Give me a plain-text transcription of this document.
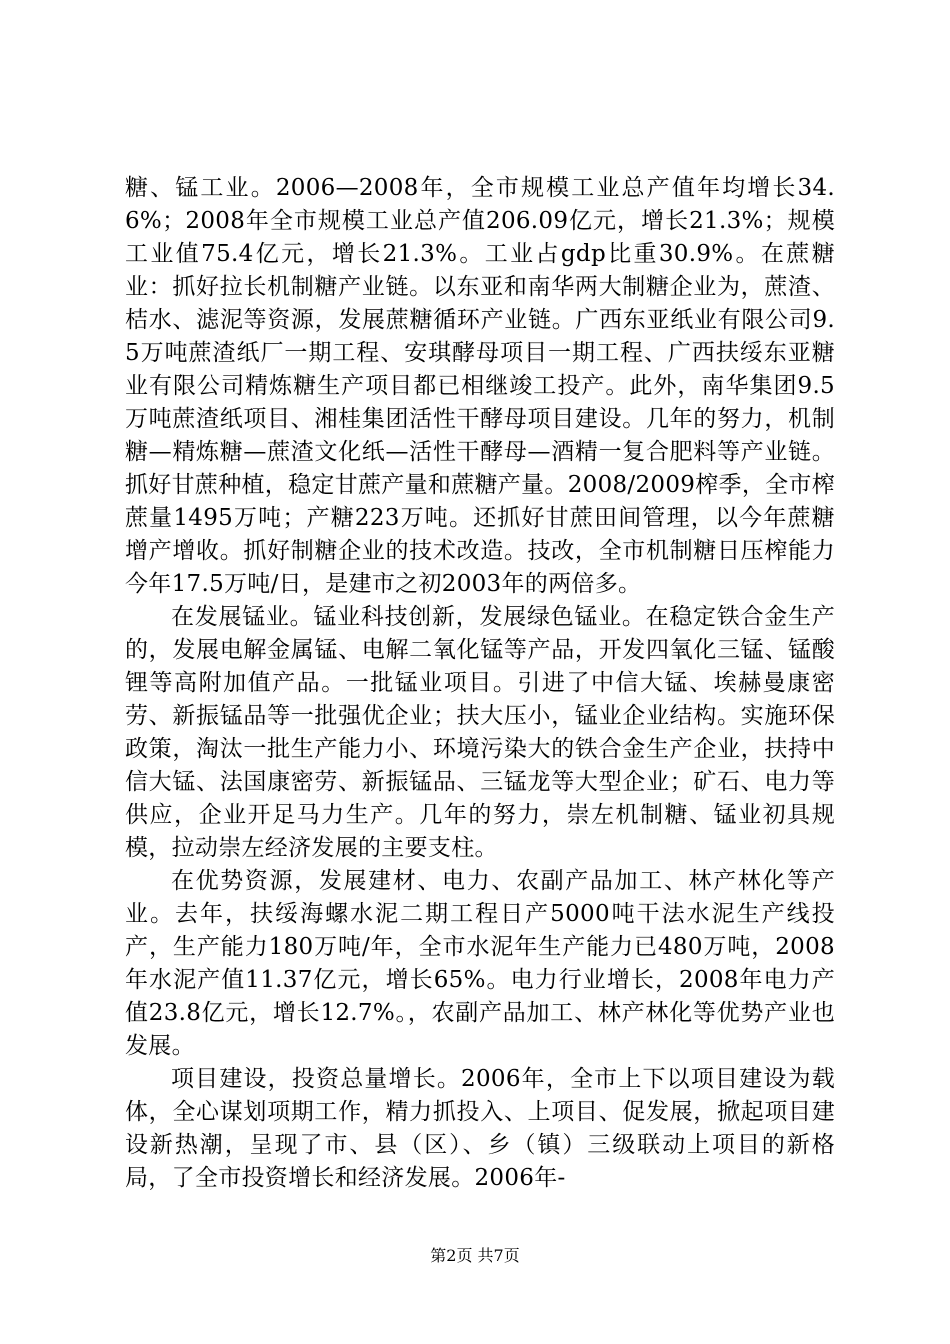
糖、锰工业。2006—2008年，全市规模工业总产值年均增长34.6%；2008年全市规模工业总产值206.09亿元，增长21.3%；规模工业值75.4亿元，增长21.3%。工业占gdp比重30.9%。在蔗糖业：抓好拉长机制糖产业链。以东亚和南华两大制糖企业为，蔗渣、桔水、滤泥等资源，发展蔗糖循环产业链。广西东亚纸业有限公司9.5万吨蔗渣纸厂一期工程、安琪酵母项目一期工程、广西扶绥东亚糖业有限公司精炼糖生产项目都已相继竣工投产。此外，南华集团9.5万吨蔗渣纸项目、湘桂集团活性干酵母项目建设。几年的努力，机制糖—精炼糖—蔗渣文化纸—活性干酵母—酒精一复合肥料等产业链。抓好甘蔗种植，稳定甘蔗产量和蔗糖产量。2008/2009榨季，全市榨蔗量1495万吨；产糖223万吨。还抓好甘蔗田间管理，以今年蔗糖增产增收。抓好制糖企业的技术改造。技改，全市机制糖日压榨能力今年17.5万吨/日，是建市之初2003年的两倍多。

在发展锰业。锰业科技创新，发展绿色锰业。在稳定铁合金生产的，发展电解金属锰、电解二氧化锰等产品，开发四氧化三锰、锰酸锂等高附加值产品。一批锰业项目。引进了中信大锰、埃赫曼康密劳、新振锰品等一批强优企业；扶大压小，锰业企业结构。实施环保政策，淘汰一批生产能力小、环境污染大的铁合金生产企业，扶持中信大锰、法国康密劳、新振锰品、三锰龙等大型企业；矿石、电力等供应，企业开足马力生产。几年的努力，崇左机制糖、锰业初具规模，拉动崇左经济发展的主要支柱。

在优势资源，发展建材、电力、农副产品加工、林产林化等产业。去年，扶绥海螺水泥二期工程日产5000吨干法水泥生产线投产，生产能力180万吨/年，全市水泥年生产能力已480万吨，2008年水泥产值11.37亿元，增长65%。电力行业增长，2008年电力产值23.8亿元，增长12.7%。，农副产品加工、林产林化等优势产业也发展。

项目建设，投资总量增长。2006年，全市上下以项目建设为载体，全心谋划项期工作，精力抓投入、上项目、促发展，掀起项目建设新热潮，呈现了市、县（区）、乡（镇）三级联动上项目的新格局，了全市投资增长和经济发展。2006年-

第2页 共7页
